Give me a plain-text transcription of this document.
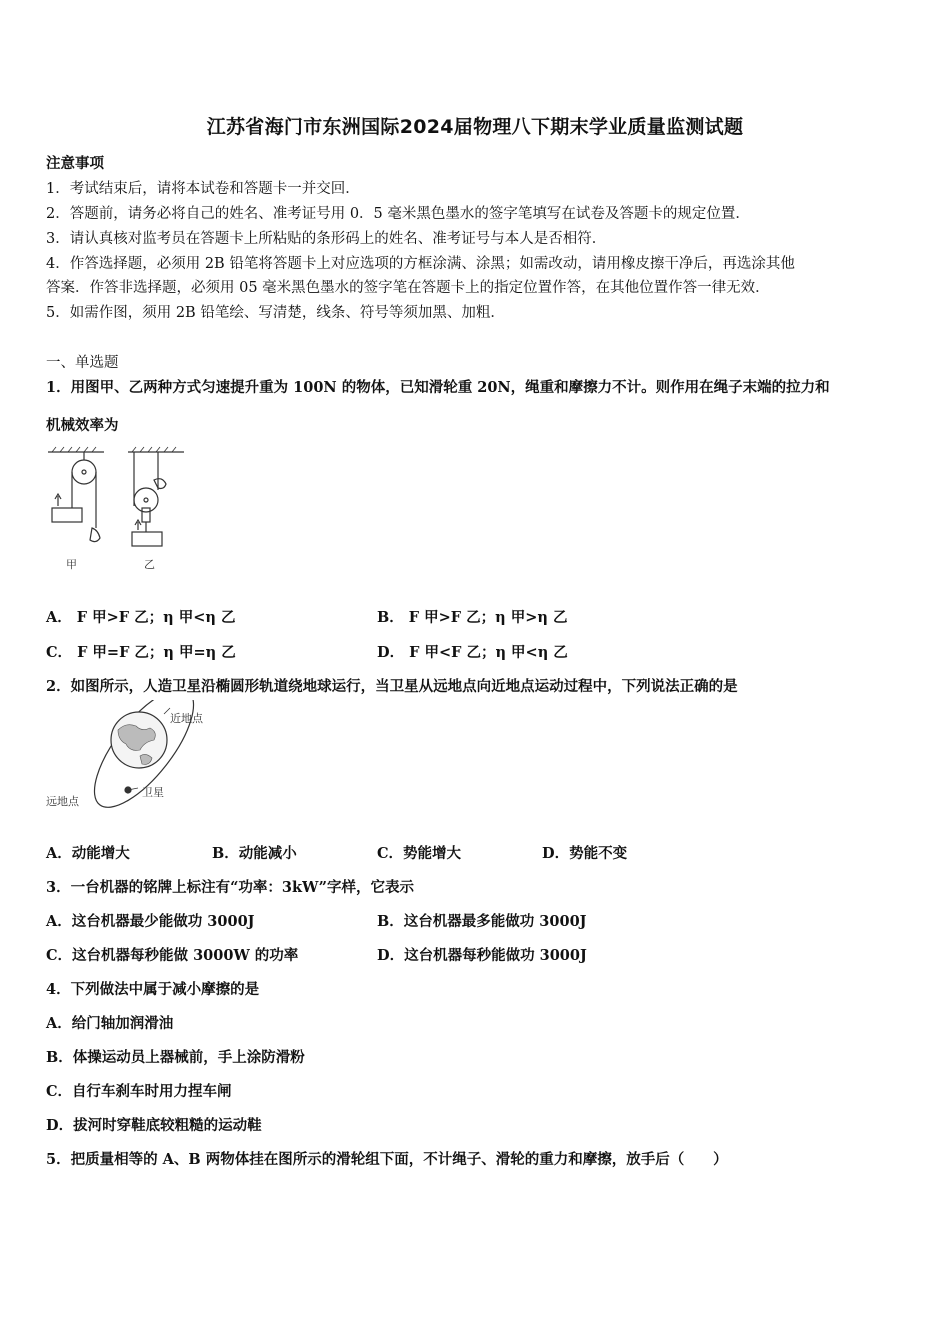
江苏省海门市东洲国际2024届物理八下期末学业质量监测试题
注意事项
1．考试结束后，请将本试卷和答题卡一并交回．
2．答题前，请务必将自己的姓名、准考证号用 0．5 毫米黑色墨水的签字笔填写在试卷及答题卡的规定位置．
3．请认真核对监考员在答题卡上所粘贴的条形码上的姓名、准考证号与本人是否相符．
4．作答选择题，必须用 2B 铅笔将答题卡上对应选项的方框涂满、涂黑；如需改动，请用橡皮擦干净后，再选涂其他
答案．作答非选择题，必须用 05 毫米黑色墨水的签字笔在答题卡上的指定位置作答，在其他位置作答一律无效．
5．如需作图，须用 2B 铅笔绘、写清楚，线条、符号等须加黑、加粗．
一、单选题
1．用图甲、乙两种方式匀速提升重为 100N 的物体，已知滑轮重 20N，绳重和摩擦力不计。则作用在绳子末端的拉力和
机械效率为
甲	乙
A． F 甲>F 乙；η 甲<η 乙	B． F 甲>F 乙；η 甲>η 乙
C． F 甲=F 乙；η 甲=η 乙	D． F 甲<F 乙；η 甲<η 乙
2．如图所示，人造卫星沿椭圆形轨道绕地球运行，当卫星从远地点向近地点运动过程中，下列说法正确的是
近地点
远地点
卫星
A．动能增大	B．动能减小	C．势能增大	D．势能不变
3．一台机器的铭牌上标注有“功率：3kW”字样，它表示
A．这台机器最少能做功 3000J	B．这台机器最多能做功 3000J
C．这台机器每秒能做 3000W 的功率	D．这台机器每秒能做功 3000J
4．下列做法中属于减小摩擦的是
A．给门轴加润滑油
B．体操运动员上器械前，手上涂防滑粉
C．自行车刹车时用力捏车闸
D．拔河时穿鞋底较粗糙的运动鞋
5．把质量相等的 A、B 两物体挂在图所示的滑轮组下面，不计绳子、滑轮的重力和摩擦，放手后（　　）
